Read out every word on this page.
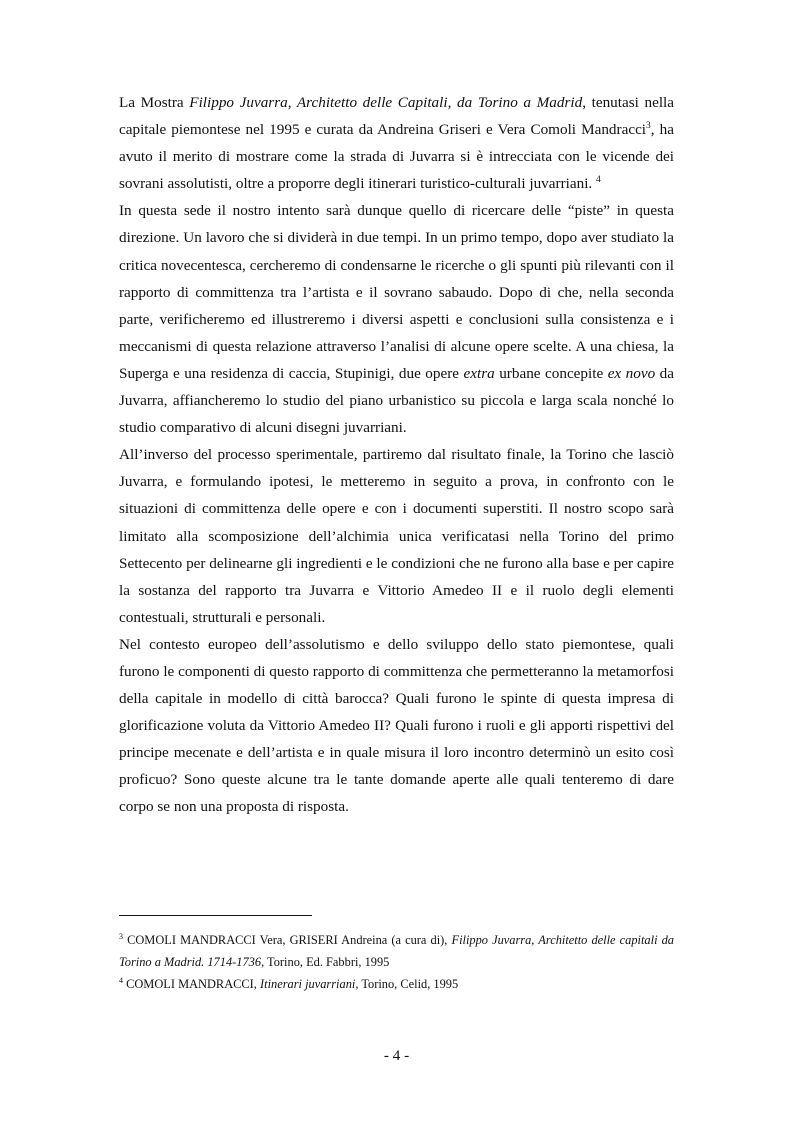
La Mostra Filippo Juvarra, Architetto delle Capitali, da Torino a Madrid, tenutasi nella capitale piemontese nel 1995 e curata da Andreina Griseri e Vera Comoli Mandracci$^3$, ha avuto il merito di mostrare come la strada di Juvarra si è intrecciata con le vicende dei sovrani assolutisti, oltre a proporre degli itinerari turistico-culturali juvarriani. $^4$

In questa sede il nostro intento sarà dunque quello di ricercare delle “piste” in questa direzione. Un lavoro che si dividerà in due tempi. In un primo tempo, dopo aver studiato la critica novecentesca, cercheremo di condensarne le ricerche o gli spunti più rilevanti con il rapporto di committenza tra l’artista e il sovrano sabaudo. Dopo di che, nella seconda parte, verificheremo ed illustreremo i diversi aspetti e conclusioni sulla consistenza e i meccanismi di questa relazione attraverso l’analisi di alcune opere scelte. A una chiesa, la Superga e una residenza di caccia, Stupinigi, due opere extra urbane concepite ex novo da Juvarra, affiancheremo lo studio del piano urbanistico su piccola e larga scala nonché lo studio comparativo di alcuni disegni juvarriani.

All’inverso del processo sperimentale, partiremo dal risultato finale, la Torino che lasciò Juvarra, e formulando ipotesi, le metteremo in seguito a prova, in confronto con le situazioni di committenza delle opere e con i documenti superstiti. Il nostro scopo sarà limitato alla scomposizione dell’alchimia unica verificatasi nella Torino del primo Settecento per delinearne gli ingredienti e le condizioni che ne furono alla base e per capire la sostanza del rapporto tra Juvarra e Vittorio Amedeo II e il ruolo degli elementi contestuali, strutturali e personali.

Nel contesto europeo dell’assolutismo e dello sviluppo dello stato piemontese, quali furono le componenti di questo rapporto di committenza che permetteranno la metamorfosi della capitale in modello di città barocca? Quali furono le spinte di questa impresa di glorificazione voluta da Vittorio Amedeo II? Quali furono i ruoli e gli apporti rispettivi del principe mecenate e dell’artista e in quale misura il loro incontro determinò un esito così proficuo? Sono queste alcune tra le tante domande aperte alle quali tenteremo di dare corpo se non una proposta di risposta.

$^3$ COMOLI MANDRACCI Vera, GRISERI Andreina (a cura di), Filippo Juvarra, Architetto delle capitali da Torino a Madrid. 1714-1736, Torino, Ed. Fabbri, 1995

$^4$ COMOLI MANDRACCI, Itinerari juvarriani, Torino, Celid, 1995

- 4 -
